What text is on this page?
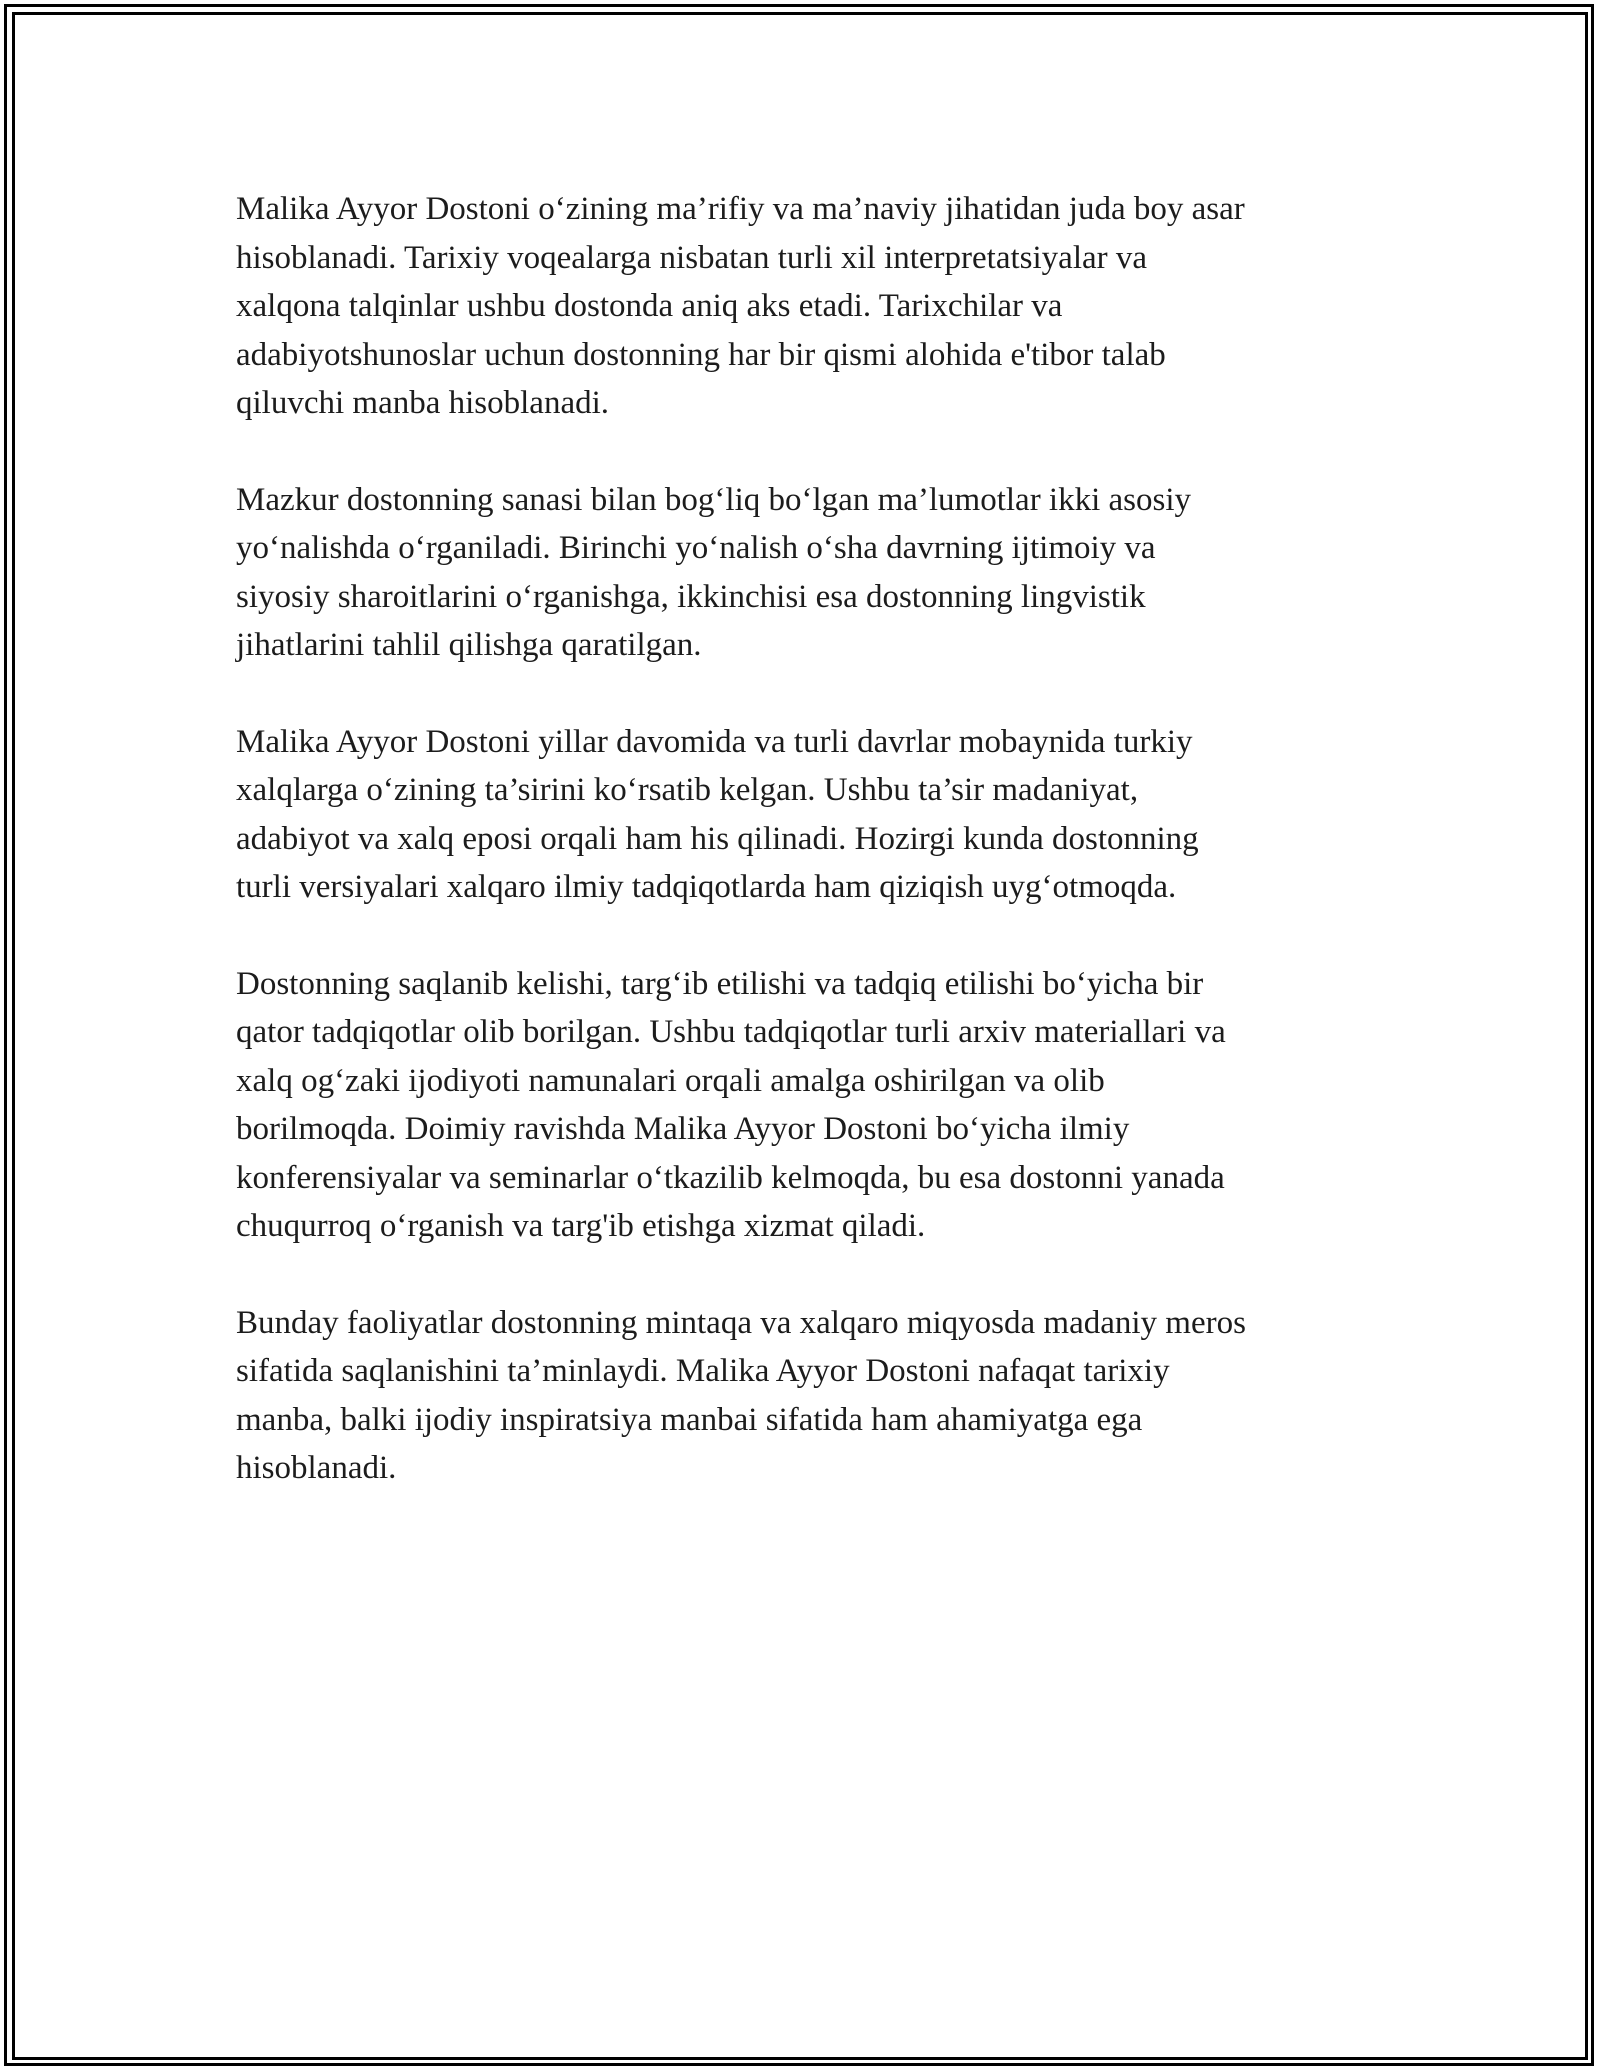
Malika Ayyor Dostoni o‘zining ma’rifiy va ma’naviy jihatidan juda boy asar
hisoblanadi. Tarixiy voqealarga nisbatan turli xil interpretatsiyalar va
xalqona talqinlar ushbu dostonda aniq aks etadi. Tarixchilar va
adabiyotshunoslar uchun dostonning har bir qismi alohida e'tibor talab
qiluvchi manba hisoblanadi.

Mazkur dostonning sanasi bilan bog‘liq bo‘lgan ma’lumotlar ikki asosiy
yo‘nalishda o‘rganiladi. Birinchi yo‘nalish o‘sha davrning ijtimoiy va
siyosiy sharoitlarini o‘rganishga, ikkinchisi esa dostonning lingvistik
jihatlarini tahlil qilishga qaratilgan.

Malika Ayyor Dostoni yillar davomida va turli davrlar mobaynida turkiy
xalqlarga o‘zining ta’sirini ko‘rsatib kelgan. Ushbu ta’sir madaniyat,
adabiyot va xalq eposi orqali ham his qilinadi. Hozirgi kunda dostonning
turli versiyalari xalqaro ilmiy tadqiqotlarda ham qiziqish uyg‘otmoqda.

Dostonning saqlanib kelishi, targ‘ib etilishi va tadqiq etilishi bo‘yicha bir
qator tadqiqotlar olib borilgan. Ushbu tadqiqotlar turli arxiv materiallari va
xalq og‘zaki ijodiyoti namunalari orqali amalga oshirilgan va olib
borilmoqda. Doimiy ravishda Malika Ayyor Dostoni bo‘yicha ilmiy
konferensiyalar va seminarlar o‘tkazilib kelmoqda, bu esa dostonni yanada
chuqurroq o‘rganish va targ'ib etishga xizmat qiladi.

Bunday faoliyatlar dostonning mintaqa va xalqaro miqyosda madaniy meros
sifatida saqlanishini ta’minlaydi. Malika Ayyor Dostoni nafaqat tarixiy
manba, balki ijodiy inspiratsiya manbai sifatida ham ahamiyatga ega
hisoblanadi.
